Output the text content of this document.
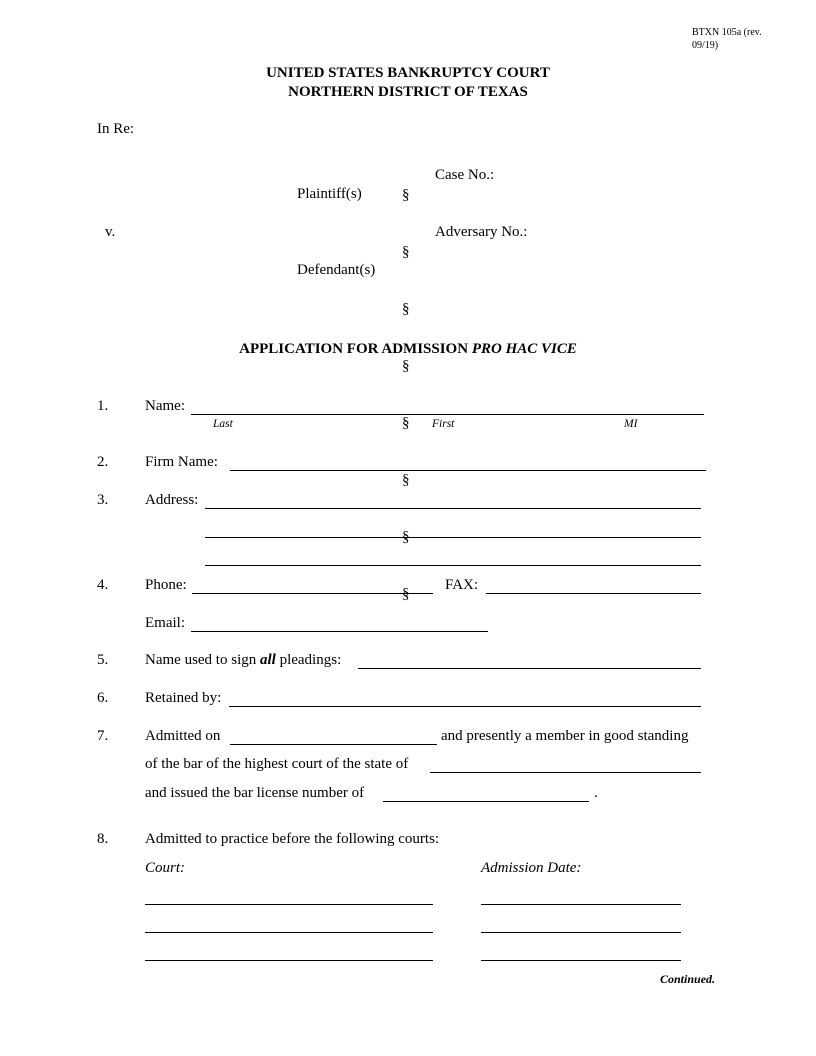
BTXN 105a (rev.
09/19)
UNITED STATES BANKRUPTCY COURT
NORTHERN DISTRICT OF TEXAS
In Re:
Plaintiff(s)
v.
Defendant(s)

§

§

§

§

§

§

§

§

Case No.:
Adversary No.:
APPLICATION FOR ADMISSION PRO HAC VICE
1. Name:
Last	First	MI
2. Firm Name:
3. Address:
4. Phone:	FAX:
Email:
5. Name used to sign all pleadings:
6. Retained by:
7. Admitted on	and presently a member in good standing
of the bar of the highest court of the state of
and issued the bar license number of	.
8. Admitted to practice before the following courts:
Court:	Admission Date:
Continued.
